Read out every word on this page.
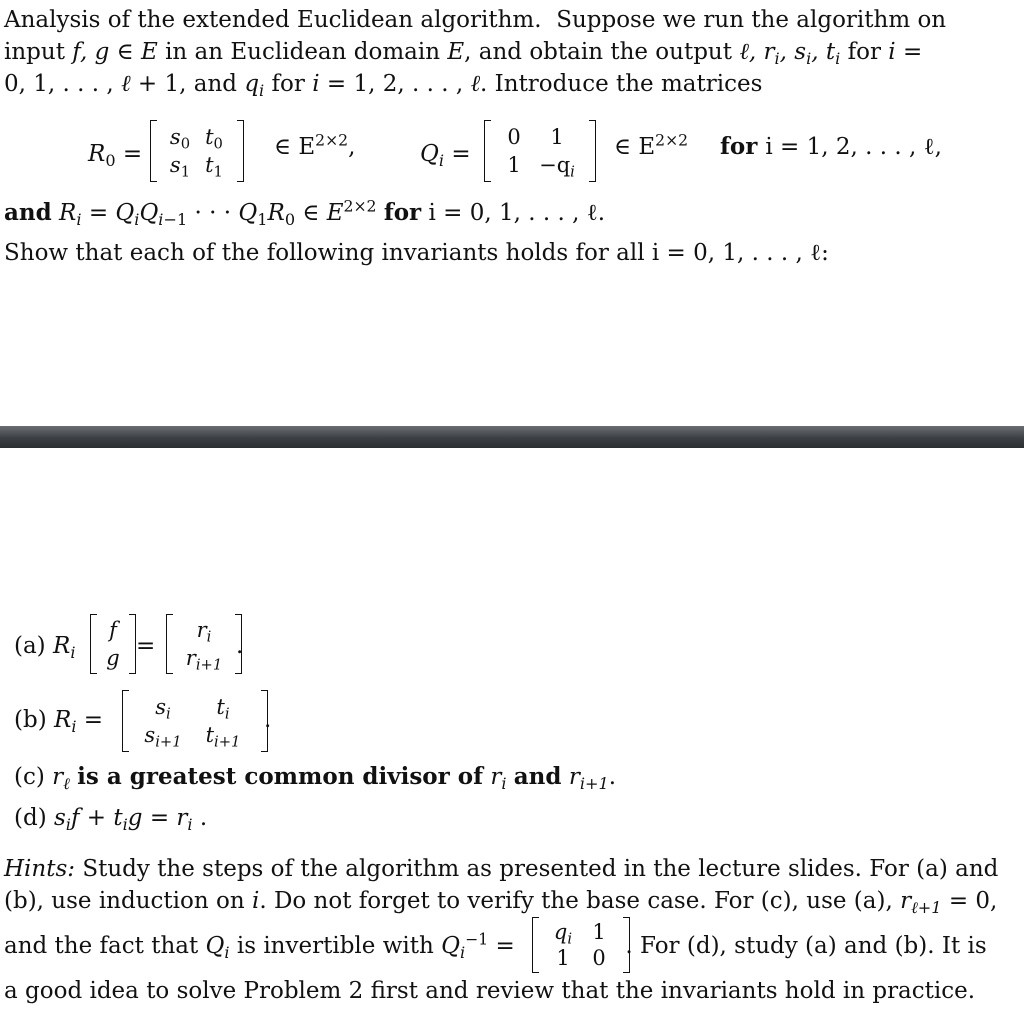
Analysis of the extended Euclidean algorithm. Suppose we run the algorithm on
input f, g ∈ E in an Euclidean domain E, and obtain the output ℓ, $r_i$, $s_i$, $t_i$ for i =
0, 1, . . . , ℓ + 1, and $q_i$ for i = 1, 2, . . . , ℓ. Introduce the matrices
$R_0$ =
$s_0$ $t_0$
$s_1$ $t_1$
∈ $E^{2\times 2}$,	$Q_i$ =
0	1
$1 -q_i$
∈ $E^{2\times 2}$ for i = 1, 2, . . . , ℓ,
and $R_i = Q_iQ_{i-1}$ · · · $Q_1R_0$ ∈ $E^{2\times 2}$ for i = 0, 1, . . . , ℓ.
Show that each of the following invariants holds for all i = 0, 1, . . . , ℓ:
(a) $R_i$
f
g =
$r_i$
$r_{i+1}$
.
(b) $R_i$ =	$s_i$	$t_i$
$s_{i+1}$	$t_{i+1}$
.
(c) $r_\ell$ is a greatest common divisor of $r_i$ and $r_{i+1}$.
(d) $s_if + t_ig = r_i$ .
Hints: Study the steps of the algorithm as presented in the lecture slides. For (a) and
(b), use induction on i. Do not forget to verify the base case. For (c), use (a), $r_{\ell+1} = 0$,
and the fact that $Q_i$ is invertible with $Q_i^{-1}$ =	. For (d), study (a) and (b). It is
$q_i$ 1
1	0
a good idea to solve Problem 2 first and review that the invariants hold in practice.
